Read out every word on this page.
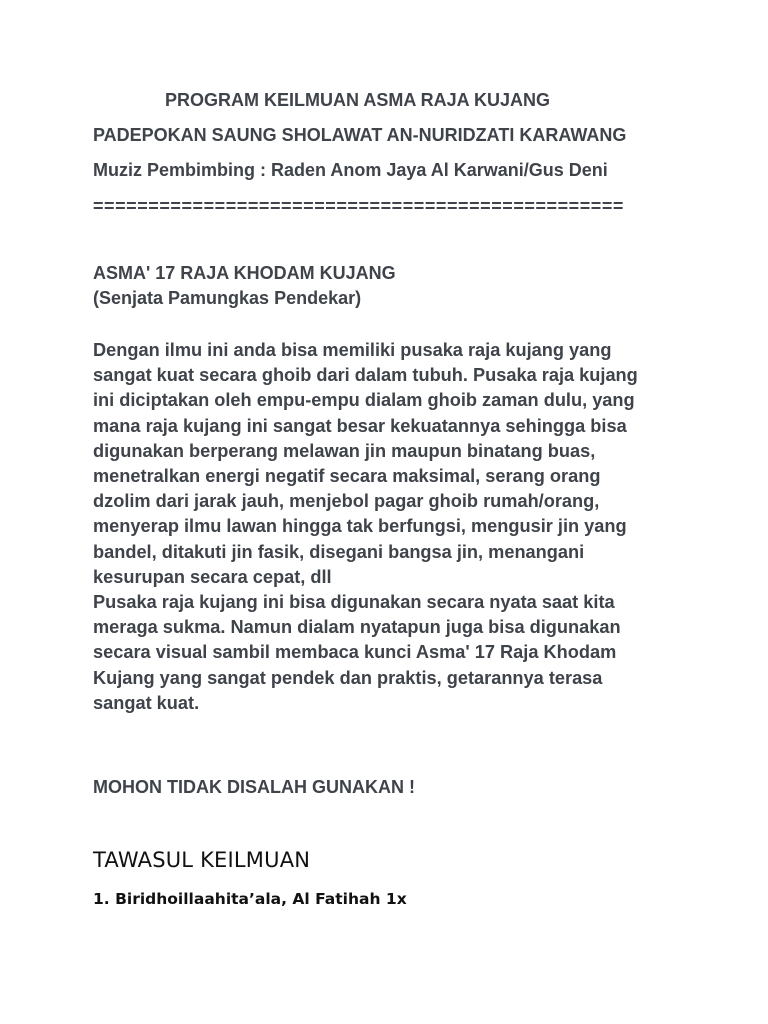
PROGRAM KEILMUAN ASMA RAJA KUJANG
PADEPOKAN SAUNG SHOLAWAT AN-NURIDZATI KARAWANG
Muziz Pembimbing : Raden Anom Jaya Al Karwani/Gus Deni
================================================
ASMA' 17 RAJA KHODAM KUJANG
(Senjata Pamungkas Pendekar)
Dengan ilmu ini anda bisa memiliki pusaka raja kujang yang
sangat kuat secara ghoib dari dalam tubuh. Pusaka raja kujang
ini diciptakan oleh empu-empu dialam ghoib zaman dulu, yang
mana raja kujang ini sangat besar kekuatannya sehingga bisa
digunakan berperang melawan jin maupun binatang buas,
menetralkan energi negatif secara maksimal, serang orang
dzolim dari jarak jauh, menjebol pagar ghoib rumah/orang,
menyerap ilmu lawan hingga tak berfungsi, mengusir jin yang
bandel, ditakuti jin fasik, disegani bangsa jin, menangani
kesurupan secara cepat, dll
Pusaka raja kujang ini bisa digunakan secara nyata saat kita
meraga sukma. Namun dialam nyatapun juga bisa digunakan
secara visual sambil membaca kunci Asma' 17 Raja Khodam
Kujang yang sangat pendek dan praktis, getarannya terasa
sangat kuat.
MOHON TIDAK DISALAH GUNAKAN !
TAWASUL KEILMUAN
1. Biridhoillaahita’ala, Al Fatihah 1x
